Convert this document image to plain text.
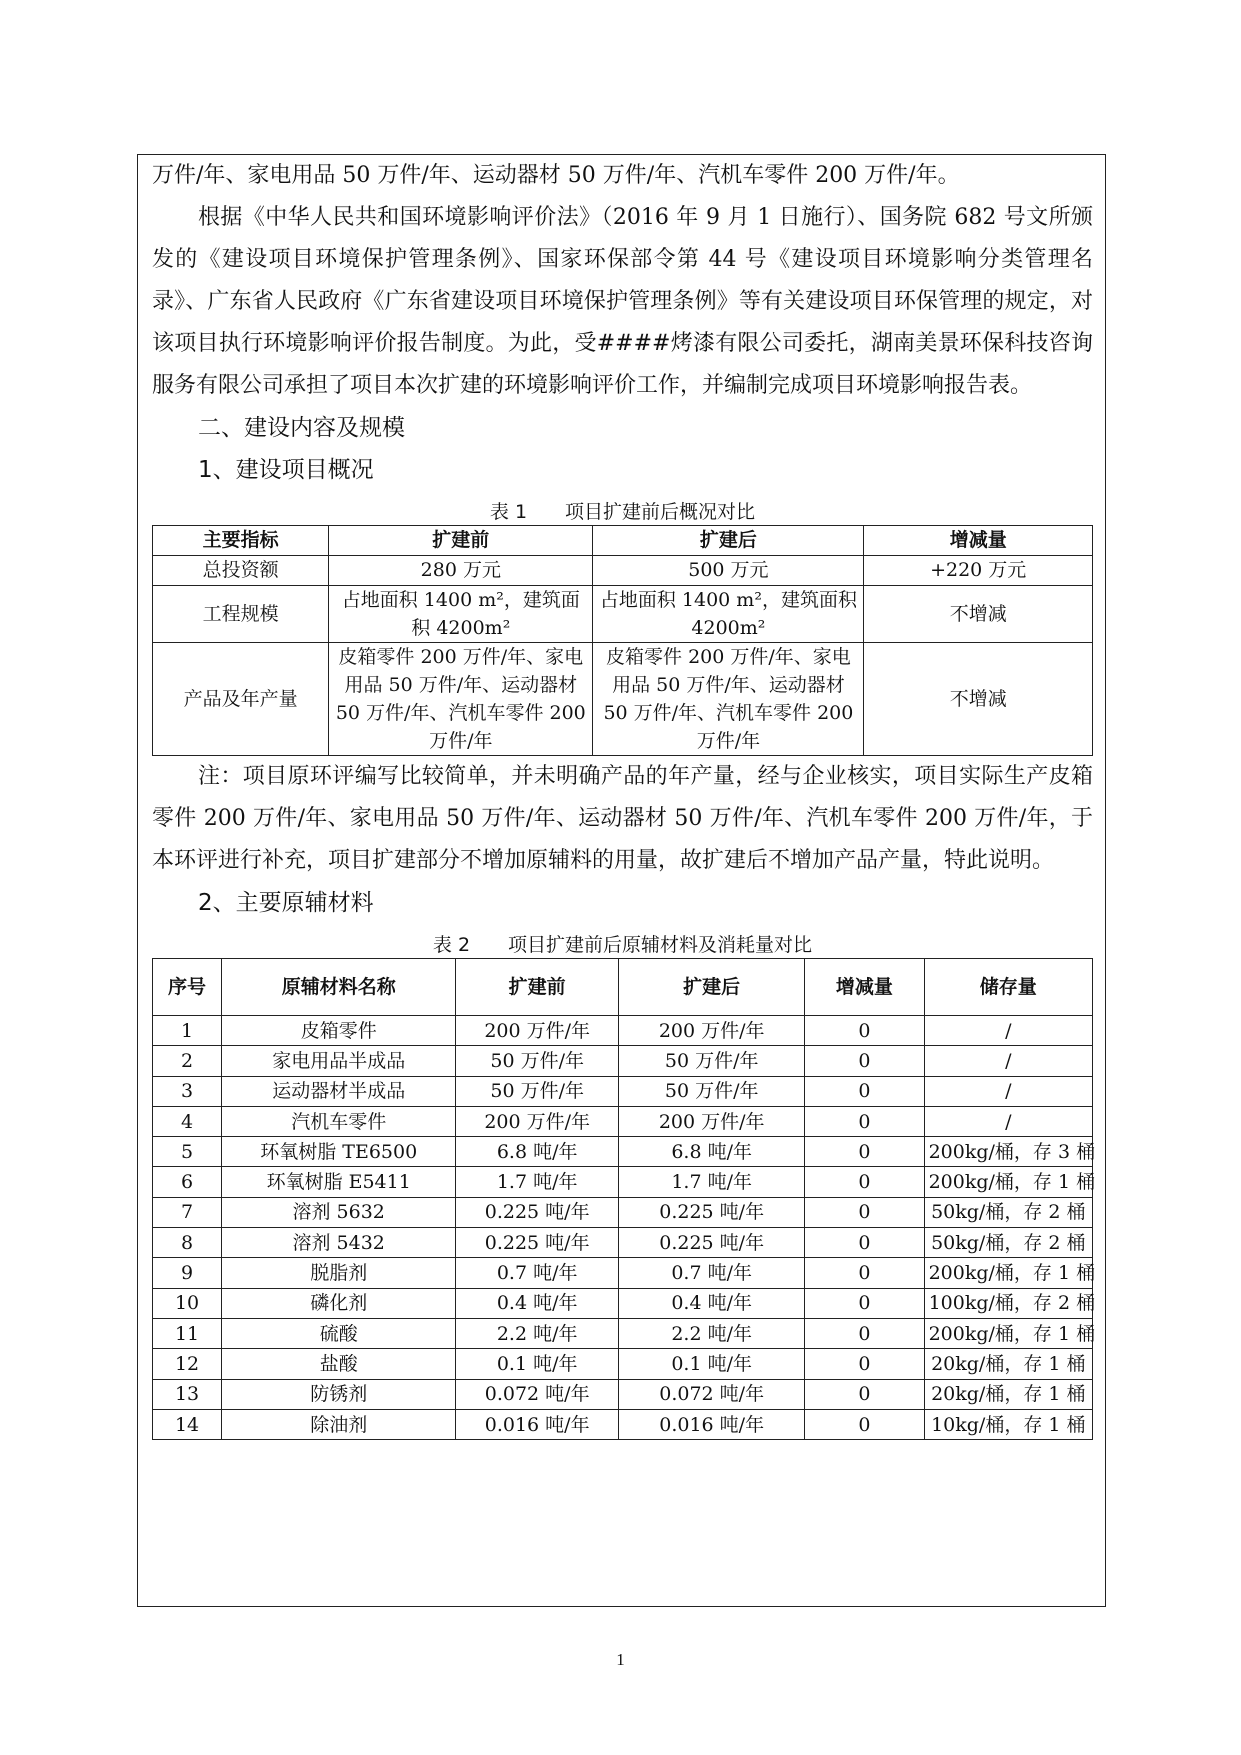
万件/年、家电用品 50 万件/年、运动器材 50 万件/年、汽机车零件 200 万件/年。

根据《中华人民共和国环境影响评价法》（2016 年 9 月 1 日施行）、国务院 682 号文所颁发的《建设项目环境保护管理条例》、国家环保部令第 44 号《建设项目环境影响分类管理名录》、广东省人民政府《广东省建设项目环境保护管理条例》等有关建设项目环保管理的规定，对该项目执行环境影响评价报告制度。为此，受####烤漆有限公司委托，湖南美景环保科技咨询服务有限公司承担了项目本次扩建的环境影响评价工作，并编制完成项目环境影响报告表。

二、建设内容及规模
1、建设项目概况
表 1　　项目扩建前后概况对比
主要指标	扩建前	扩建后	增减量
总投资额	280 万元	500 万元	+220 万元
工程规模	占地面积 1400 m²，建筑面积 4200m²	占地面积 1400 m²，建筑面积 4200m²	不增减
产品及年产量	皮箱零件 200 万件/年、家电用品 50 万件/年、运动器材 50 万件/年、汽机车零件 200 万件/年	皮箱零件 200 万件/年、家电用品 50 万件/年、运动器材 50 万件/年、汽机车零件 200 万件/年	不增减

注：项目原环评编写比较简单，并未明确产品的年产量，经与企业核实，项目实际生产皮箱零件 200 万件/年、家电用品 50 万件/年、运动器材 50 万件/年、汽机车零件 200 万件/年，于本环评进行补充，项目扩建部分不增加原辅料的用量，故扩建后不增加产品产量，特此说明。

2、主要原辅材料
表 2　　项目扩建前后原辅材料及消耗量对比
序号	原辅材料名称	扩建前	扩建后	增减量	储存量
1	皮箱零件	200 万件/年	200 万件/年	0	/
2	家电用品半成品	50 万件/年	50 万件/年	0	/
3	运动器材半成品	50 万件/年	50 万件/年	0	/
4	汽机车零件	200 万件/年	200 万件/年	0	/
5	环氧树脂 TE6500	6.8 吨/年	6.8 吨/年	0	200kg/桶，存 3 桶
6	环氧树脂 E5411	1.7 吨/年	1.7 吨/年	0	200kg/桶，存 1 桶
7	溶剂 5632	0.225 吨/年	0.225 吨/年	0	50kg/桶，存 2 桶
8	溶剂 5432	0.225 吨/年	0.225 吨/年	0	50kg/桶，存 2 桶
9	脱脂剂	0.7 吨/年	0.7 吨/年	0	200kg/桶，存 1 桶
10	磷化剂	0.4 吨/年	0.4 吨/年	0	100kg/桶，存 2 桶
11	硫酸	2.2 吨/年	2.2 吨/年	0	200kg/桶，存 1 桶
12	盐酸	0.1 吨/年	0.1 吨/年	0	20kg/桶，存 1 桶
13	防锈剂	0.072 吨/年	0.072 吨/年	0	20kg/桶，存 1 桶
14	除油剂	0.016 吨/年	0.016 吨/年	0	10kg/桶，存 1 桶
1
